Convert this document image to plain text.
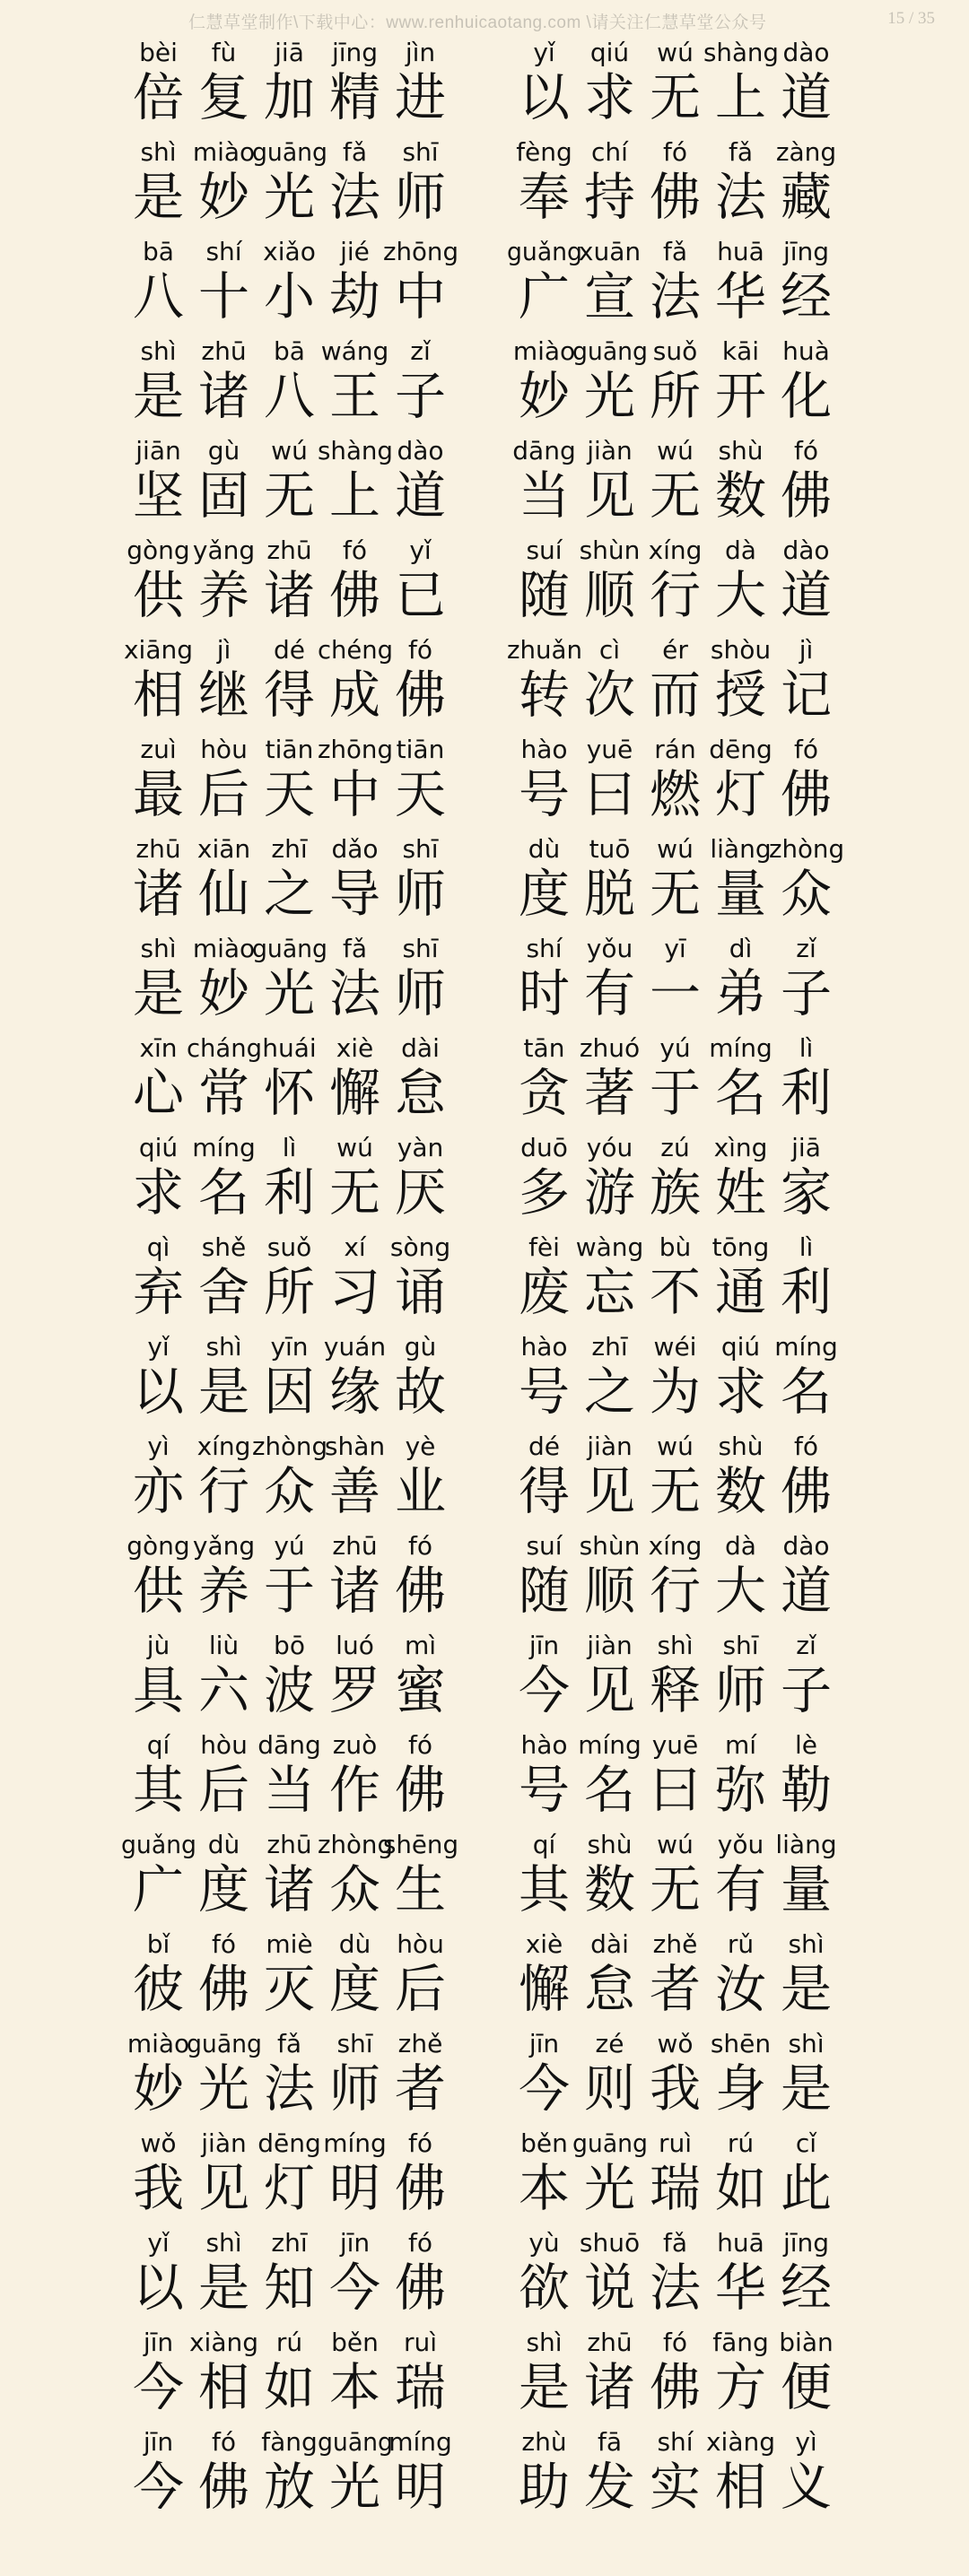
仁慧草堂制作\下载中心：www.renhuicaotang.com \请关注仁慧草堂公众号	15 / 35
bèi
倍
fù
复
jiā
加
jīng
精
jìn
进
yǐ
以
qiú
求
wú
无
shàng
上
dào
道
shì
是
miào
妙
guāng
光
fǎ
法
shī
师
fèng
奉
chí
持
fó
佛
fǎ
法
zàng
藏
bā
八
shí
十
xiǎo
小
jié
劫
zhōng
中
guǎng
广
xuān
宣
fǎ
法
huā
华
jīng
经
shì
是
zhū
诸
bā
八
wáng
王
zǐ
子
miào
妙
guāng
光
suǒ
所
kāi
开
huà
化
jiān
坚
gù
固
wú
无
shàng
上
dào
道
dāng
当
jiàn
见
wú
无
shù
数
fó
佛
gòng
供
yǎng
养
zhū
诸
fó
佛
yǐ
已
suí
随
shùn
顺
xíng
行
dà
大
dào
道
xiāng
相
jì
继
dé
得
chéng
成
fó
佛
zhuǎn
转
cì
次
ér
而
shòu
授
jì
记
zuì
最
hòu
后
tiān
天
zhōng
中
tiān
天
hào
号
yuē
曰
rán
燃
dēng
灯
fó
佛
zhū
诸
xiān
仙
zhī
之
dǎo
导
shī
师
dù
度
tuō
脱
wú
无
liàng
量
zhòng
众
shì
是
miào
妙
guāng
光
fǎ
法
shī
师
shí
时
yǒu
有
yī
一
dì
弟
zǐ
子
xīn
心
cháng
常
huái
怀
xiè
懈
dài
怠
tān
贪
zhuó
著
yú
于
míng
名
lì
利
qiú
求
míng
名
lì
利
wú
无
yàn
厌
duō
多
yóu
游
zú
族
xìng
姓
jiā
家
qì
弃
shě
舍
suǒ
所
xí
习
sòng
诵
fèi
废
wàng
忘
bù
不
tōng
通
lì
利
yǐ
以
shì
是
yīn
因
yuán
缘
gù
故
hào
号
zhī
之
wéi
为
qiú
求
míng
名
yì
亦
xíng
行
zhòng
众
shàn
善
yè
业
dé
得
jiàn
见
wú
无
shù
数
fó
佛
gòng
供
yǎng
养
yú
于
zhū
诸
fó
佛
suí
随
shùn
顺
xíng
行
dà
大
dào
道
jù
具
liù
六
bō
波
luó
罗
mì
蜜
jīn
今
jiàn
见
shì
释
shī
师
zǐ
子
qí
其
hòu
后
dāng
当
zuò
作
fó
佛
hào
号
míng
名
yuē
曰
mí
弥
lè
勒
guǎng
广
dù
度
zhū
诸
zhòng
众
shēng
生
qí
其
shù
数
wú
无
yǒu
有
liàng
量
bǐ
彼
fó
佛
miè
灭
dù
度
hòu
后
xiè
懈
dài
怠
zhě
者
rǔ
汝
shì
是
miào
妙
guāng
光
fǎ
法
shī
师
zhě
者
jīn
今
zé
则
wǒ
我
shēn
身
shì
是
wǒ
我
jiàn
见
dēng
灯
míng
明
fó
佛
běn
本
guāng
光
ruì
瑞
rú
如
cǐ
此
yǐ
以
shì
是
zhī
知
jīn
今
fó
佛
yù
欲
shuō
说
fǎ
法
huā
华
jīng
经
jīn
今
xiàng
相
rú
如
běn
本
ruì
瑞
shì
是
zhū
诸
fó
佛
fāng
方
biàn
便
jīn
今
fó
佛
fàng
放
guāng
光
míng
明
zhù
助
fā
发
shí
实
xiàng
相
yì
义
